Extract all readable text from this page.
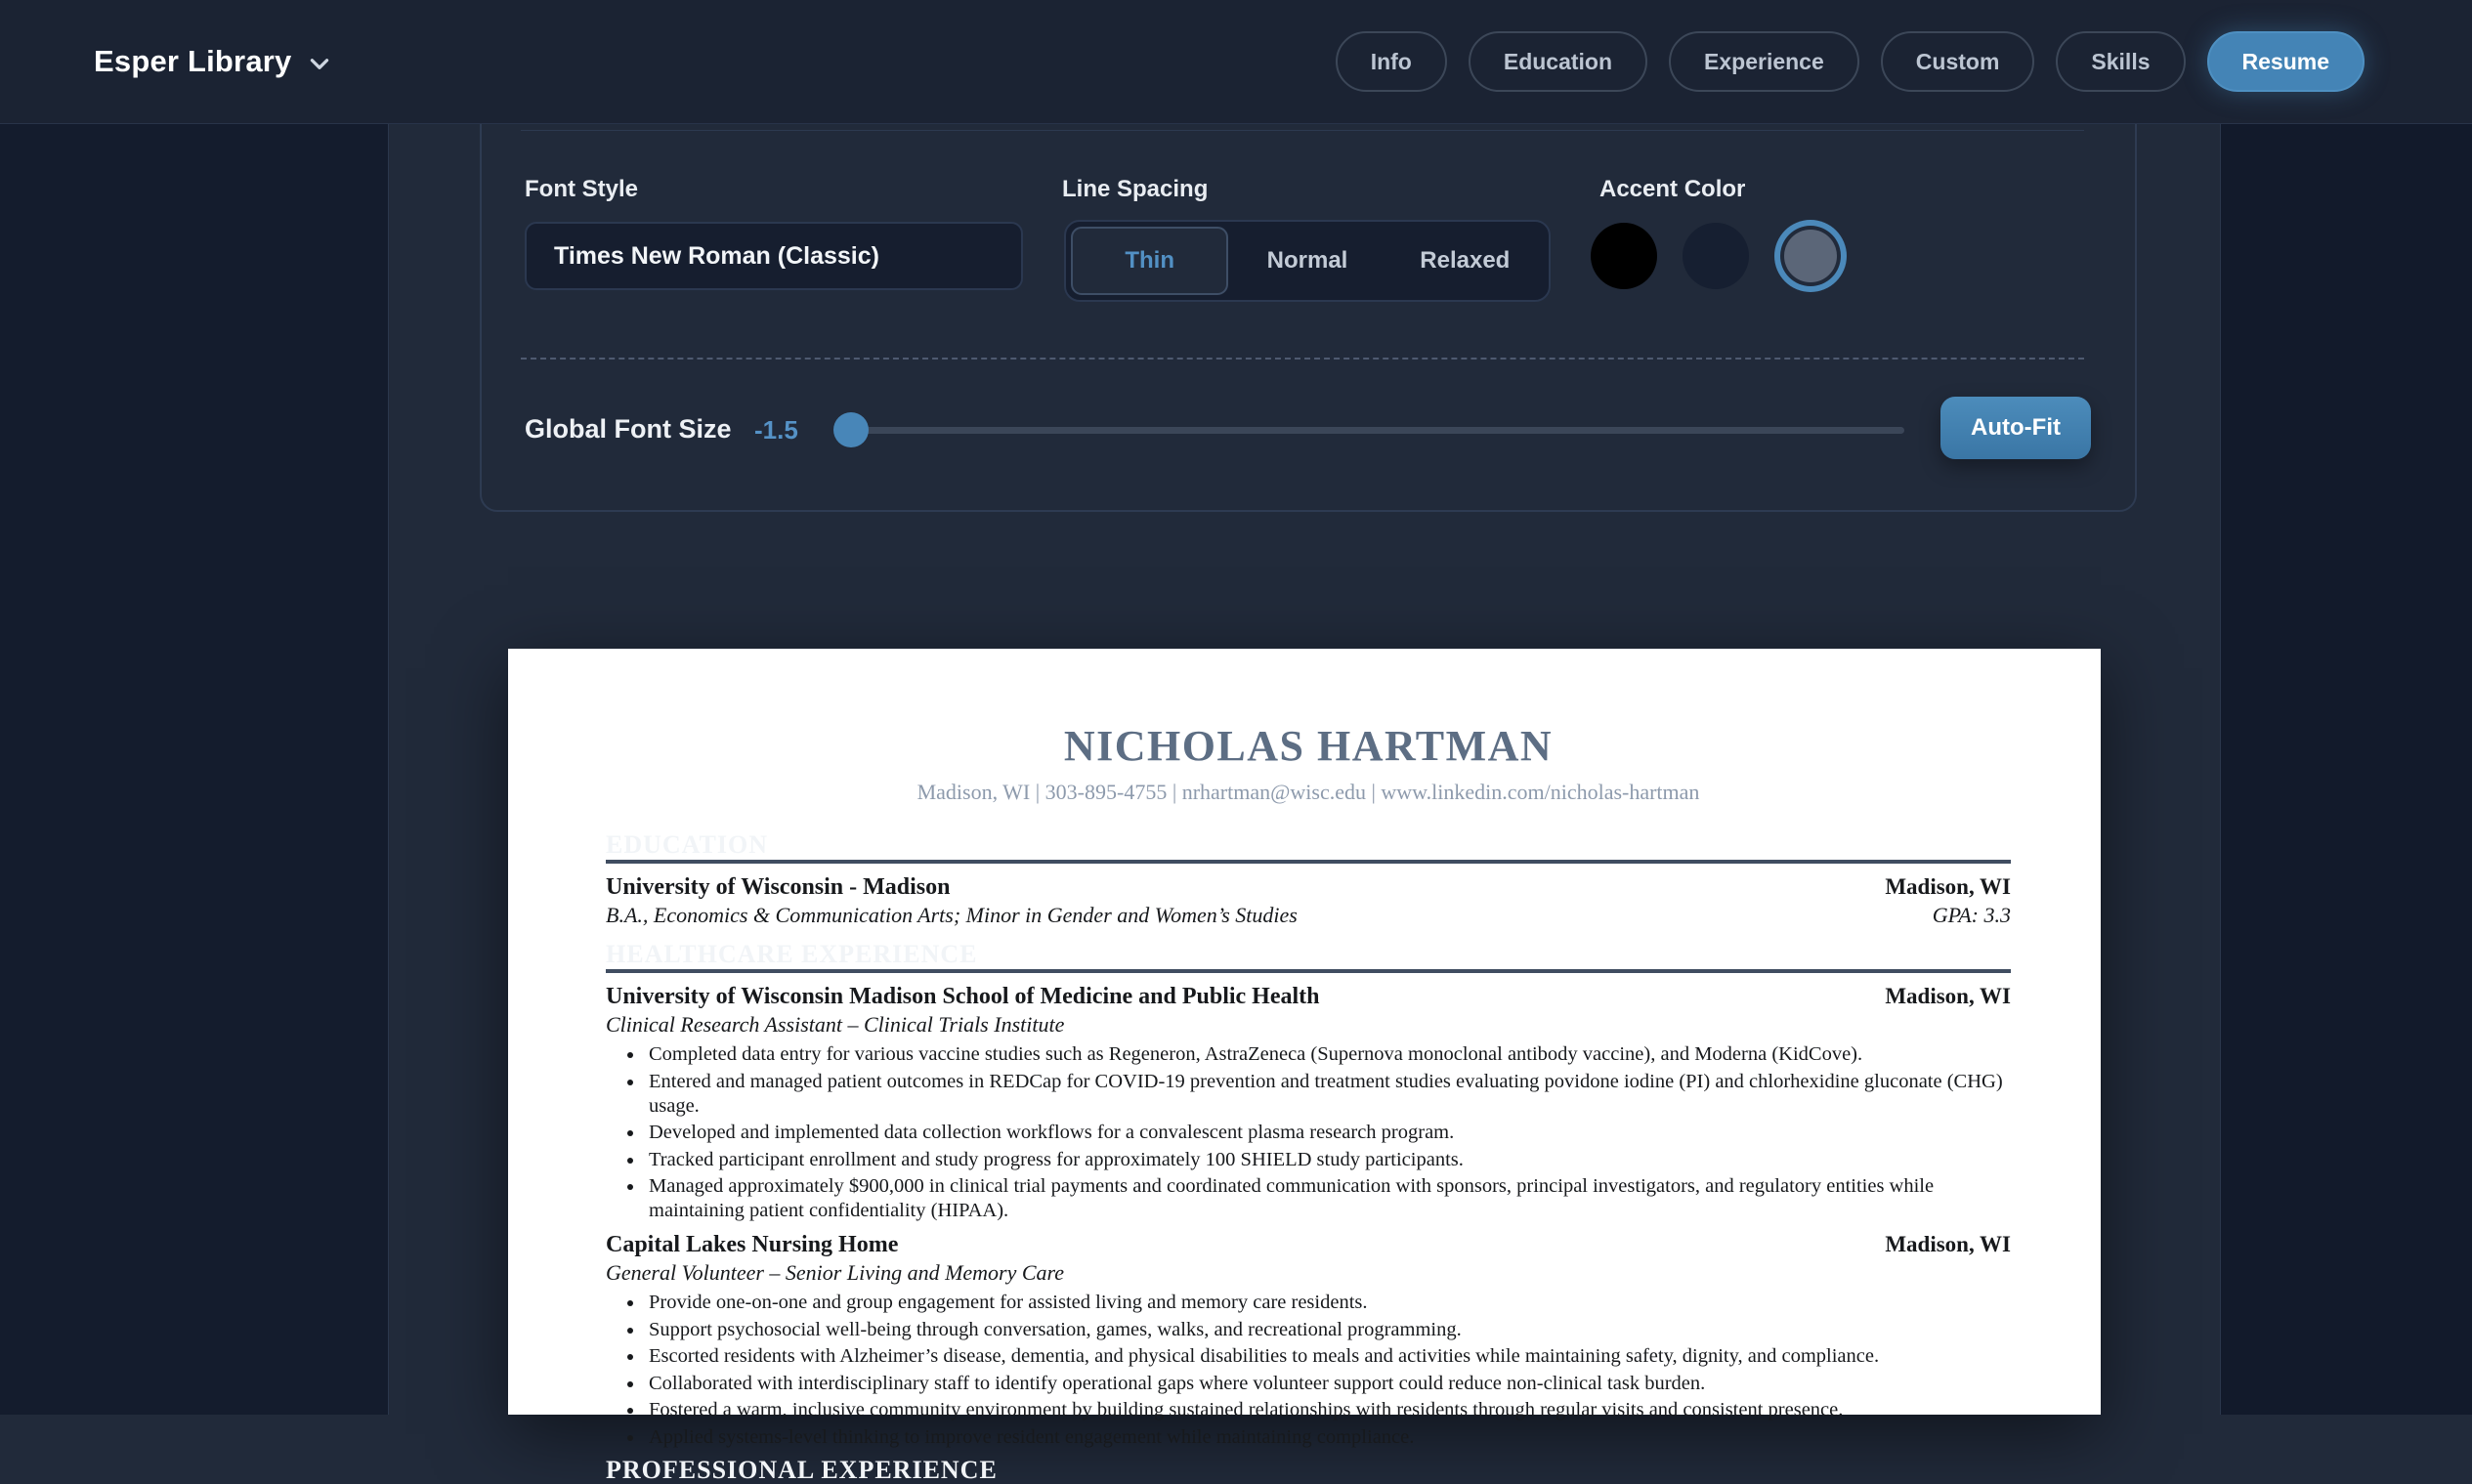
Font Style	Line Spacing	Accent Color
Times New Roman (Classic)	Thin	Normal	Relaxed
Global Font Size -1.5	Auto-Fit
Esper Library	Info	Education	Experience	Custom	Skills	Resume
NICHOLAS HARTMAN
Madison, WI | 303-895-4755 | nrhartman@wisc.edu | www.linkedin.com/nicholas-hartman
EDUCATION
University of Wisconsin - Madison	Madison, WI
B.A., Economics & Communication Arts; Minor in Gender and Women’s Studies	GPA: 3.3
HEALTHCARE EXPERIENCE
University of Wisconsin Madison School of Medicine and Public Health	Madison, WI
Clinical Research Assistant – Clinical Trials Institute
• Completed data entry for various vaccine studies such as Regeneron, AstraZeneca (Supernova monoclonal antibody vaccine), and Moderna (KidCove).
• Entered and managed patient outcomes in REDCap for COVID-19 prevention and treatment studies evaluating povidone iodine (PI) and chlorhexidine gluconate (CHG) usage.
• Developed and implemented data collection workflows for a convalescent plasma research program.
• Tracked participant enrollment and study progress for approximately 100 SHIELD study participants.
• Managed approximately $900,000 in clinical trial payments and coordinated communication with sponsors, principal investigators, and regulatory entities while maintaining patient confidentiality (HIPAA).
Capital Lakes Nursing Home	Madison, WI
General Volunteer – Senior Living and Memory Care
• Provide one-on-one and group engagement for assisted living and memory care residents.
• Support psychosocial well-being through conversation, games, walks, and recreational programming.
• Escorted residents with Alzheimer’s disease, dementia, and physical disabilities to meals and activities while maintaining safety, dignity, and compliance.
• Collaborated with interdisciplinary staff to identify operational gaps where volunteer support could reduce non-clinical task burden.
• Fostered a warm, inclusive community environment by building sustained relationships with residents through regular visits and consistent presence.
• Applied systems-level thinking to improve resident engagement while maintaining compliance.
PROFESSIONAL EXPERIENCE
